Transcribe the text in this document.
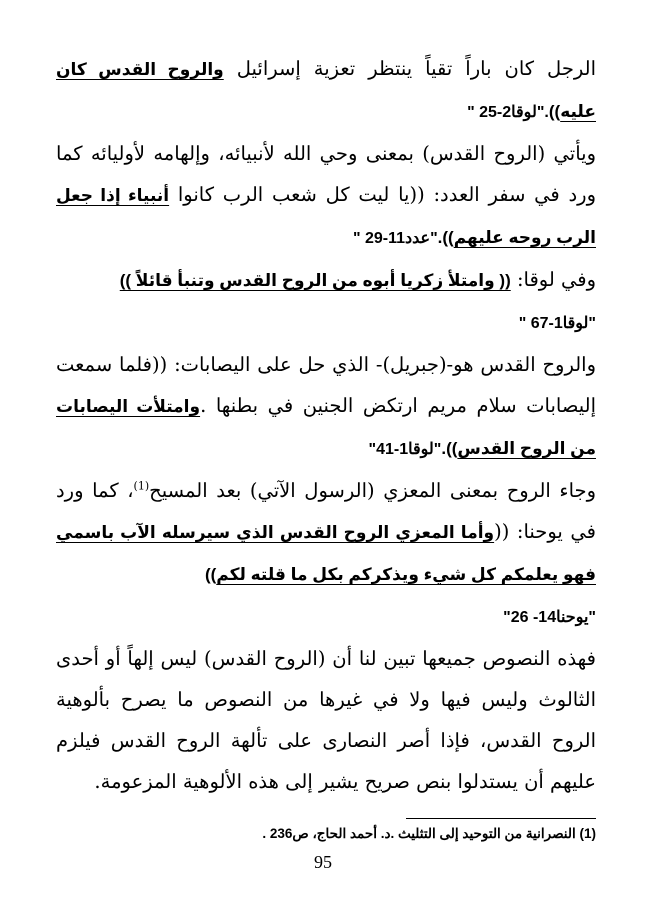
الرجل كان باراً تقياً ينتظر تعزية إسرائيل والروح القدس كان عليه))."لوقا2-25 "

ويأتي (الروح القدس) بمعنى وحي الله لأنبيائه، وإلهامه لأوليائه كما ورد في سفر العدد: ((يا ليت كل شعب الرب كانوا أنبياء إذا جعل الرب روحه عليهم))."عدد11-29 "

وفي لوقا: (( وامتلأ زكريا أبوه من الروح القدس وتنبأ قائلاً ))

"لوقا1-67 "

والروح القدس هو-(جبريل)- الذي حل على اليصابات: ((فلما سمعت إليصابات سلام مريم ارتكض الجنين في بطنها .وامتلأت اليصابات من الروح القدس))."لوقا1-41"

وجاء الروح بمعنى المعزي (الرسول الآتي) بعد المسيح$^{(1)}$، كما ورد في يوحنا: ((وأما المعزي الروح القدس الذي سيرسله الآب باسمي فهو يعلمكم كل شيء ويذكركم بكل ما قلته لكم))

"يوحنا14- 26"

فهذه النصوص جميعها تبين لنا أن (الروح القدس) ليس إلهاً أو أحدى الثالوث وليس فيها ولا في غيرها من النصوص ما يصرح بألوهية الروح القدس، فإذا أصر النصارى على تألهة الروح القدس فيلزم عليهم أن يستدلوا بنص صريح يشير إلى هذه الألوهية المزعومة.

(1) النصرانية من التوحيد إلى التثليث .د. أحمد الحاج، ص236 .
95
